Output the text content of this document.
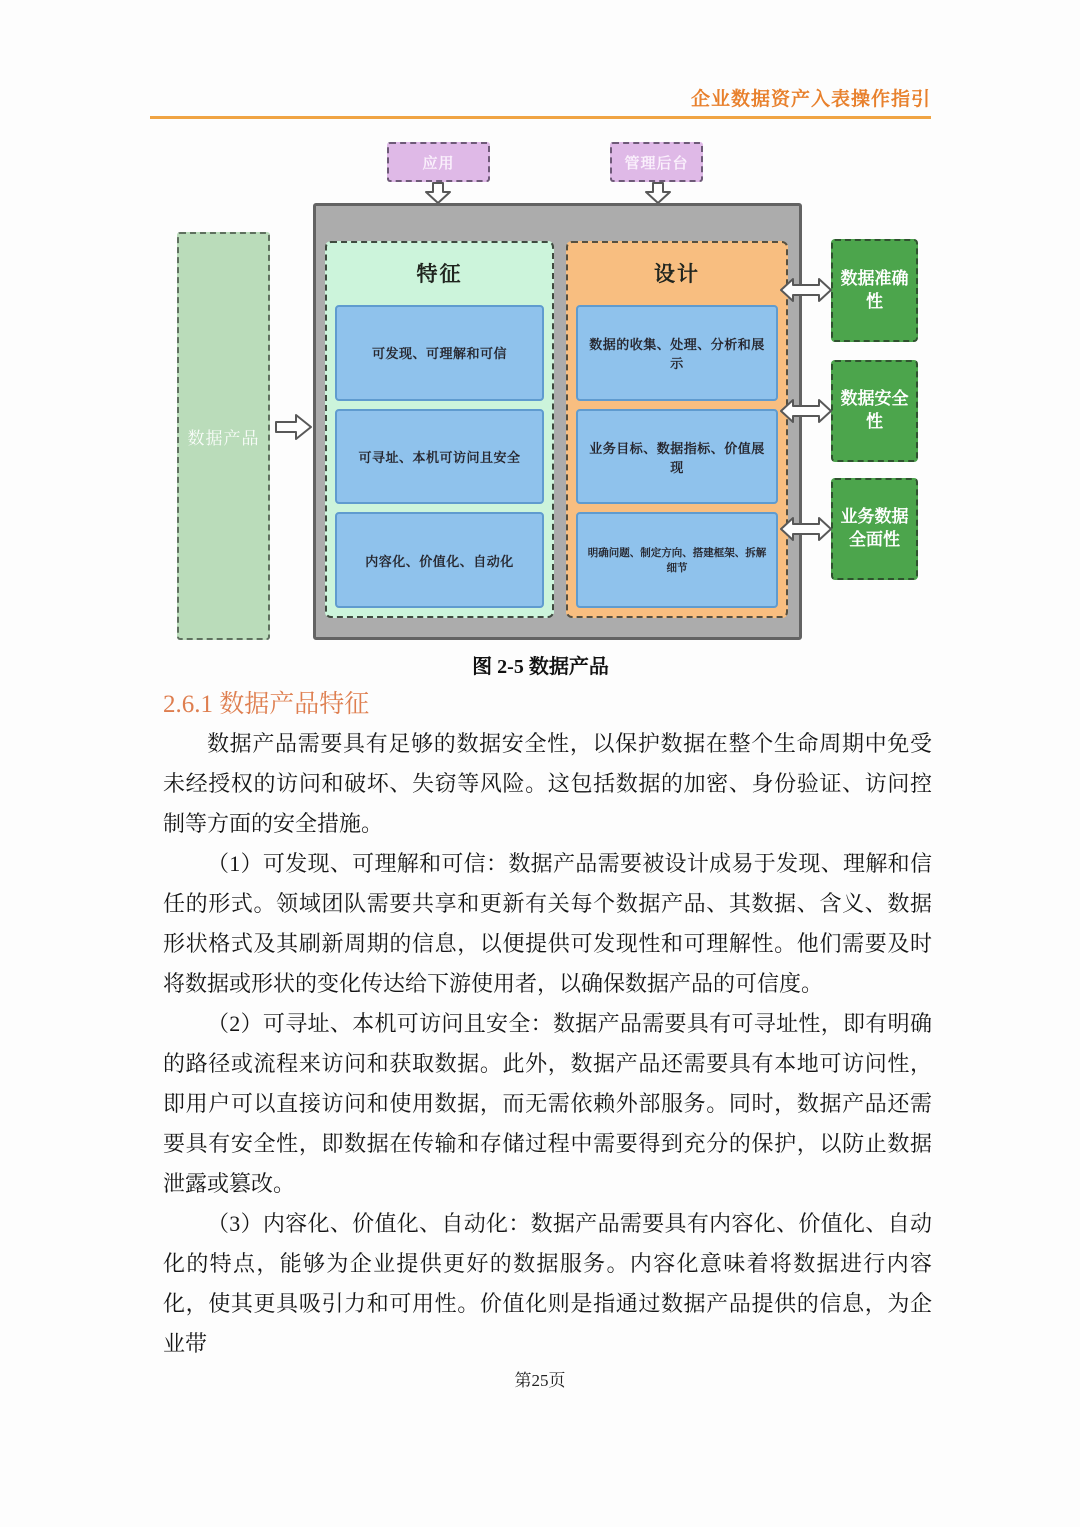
企业数据资产入表操作指引
应用	管理后台
特征
可发现、可理解和可信
可寻址、本机可访问且安全
内容化、价值化、自动化
设计
数据的收集、处理、分析和展示
业务目标、数据指标、价值展现
明确问题、制定方向、搭建框架、拆解细节
数据产品
数据准确性
数据安全性
业务数据全面性
图 2-5 数据产品
2.6.1 数据产品特征

数据产品需要具有足够的数据安全性，以保护数据在整个生命周期中免受未经授权的访问和破坏、失窃等风险。这包括数据的加密、身份验证、访问控制等方面的安全措施。

（1）可发现、可理解和可信：数据产品需要被设计成易于发现、理解和信任的形式。领域团队需要共享和更新有关每个数据产品、其数据、含义、数据形状格式及其刷新周期的信息，以便提供可发现性和可理解性。他们需要及时将数据或形状的变化传达给下游使用者，以确保数据产品的可信度。

（2）可寻址、本机可访问且安全：数据产品需要具有可寻址性，即有明确的路径或流程来访问和获取数据。此外，数据产品还需要具有本地可访问性，即用户可以直接访问和使用数据，而无需依赖外部服务。同时，数据产品还需要具有安全性，即数据在传输和存储过程中需要得到充分的保护，以防止数据泄露或篡改。

（3）内容化、价值化、自动化：数据产品需要具有内容化、价值化、自动化的特点，能够为企业提供更好的数据服务。内容化意味着将数据进行内容化，使其更具吸引力和可用性。价值化则是指通过数据产品提供的信息，为企业带

第25页
